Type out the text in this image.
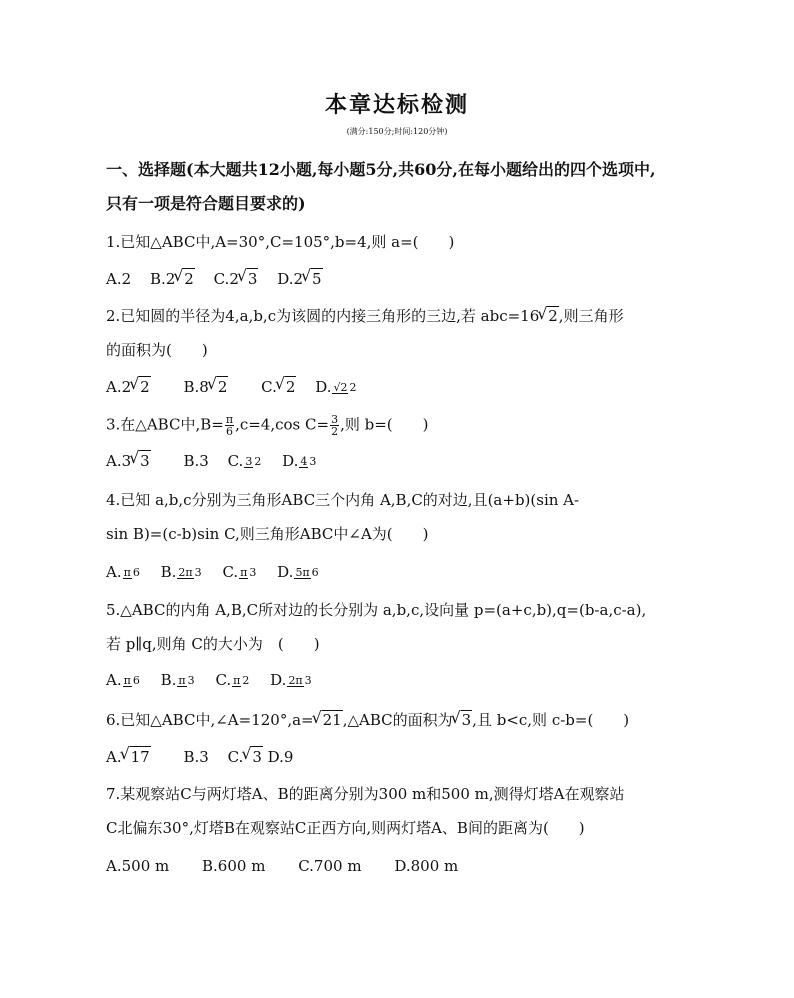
本章达标检测
(满分:150分;时间:120分钟)
一、选择题(本大题共12小题,每小题5分,共60分,在每小题给出的四个选项中,
只有一项是符合题目要求的)
1.已知△ABC中,A=30°,C=105°,b=4,则 a=(　　)
A.2 B.2 √ 2 C.2 √ 3 D.2 √ 5
2.已知圆的半径为4,a,b,c为该圆的内接三角形的三边,若 abc=16 √ 2,则三角形
的面积为(　　)
A.2 √ 2 B.8 √ 2 C. √ 2 D. √2 2
3.在△ABC中$,B= \frac{\pi}{6} ,c=4,\cos$ $C= \frac{3}{2}$ ,则 b=(　　)
A.3 √ 3 B.3 C. 3 2 D. 4 3
4.已知 a,b,c分别为三角形ABC三个内角 A,B,C的对边,且(a+b)(sin A-
sin B)=(c-b)sin C,则三角形ABC中∠A为(　　)
A. π 6 B. 2π 3 C. π 3 D. 5π 6
5.△ABC的内角 A,B,C所对边的长分别为 a,b,c,设向量 p=(a+c,b),q=(b-a,c-a),
若 p∥q,则角 C的大小为　(　　)
A. π 6 B. π 3 C. π 2 D. 2π 3
6.已知△ABC中,∠A=120°,a= √ 21,△ABC的面积为 √ 3,且 b<c,则 c-b=(　　)
A. √ 17 B.3 C. √ 3 D.9
7.某观察站C与两灯塔A、B的距离分别为300 m和500 m,测得灯塔A在观察站
C北偏东30°,灯塔B在观察站C正西方向,则两灯塔A、B间的距离为(　　)
A.500 m B.600 m C.700 m D.800 m
